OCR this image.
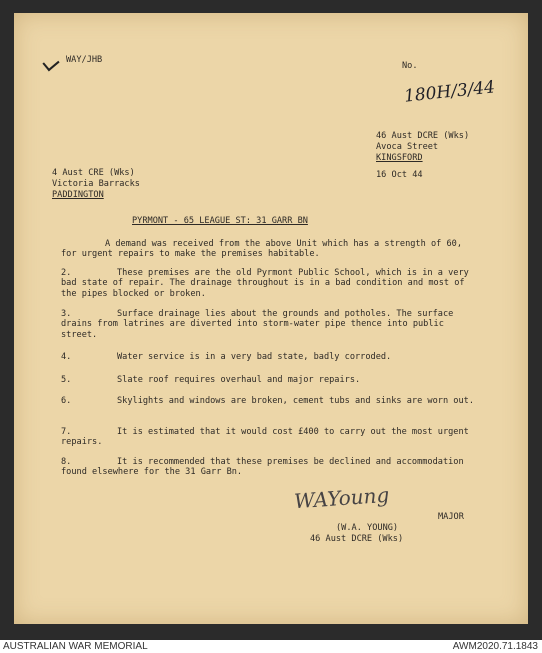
WAY/JHB
No.
180H/3/44
46 Aust DCRE (Wks)
Avoca Street
KINGSFORD
16 Oct 44
4 Aust CRE (Wks)
Victoria Barracks
PADDINGTON
PYRMONT - 65 LEAGUE ST: 31 GARR BN
A demand was received from the above Unit which has a strength of 60, for urgent repairs to make the premises habitable.
2.	These premises are the old Pyrmont Public School, which is in a very bad state of repair. The drainage throughout is in a bad condition and most of the pipes blocked or broken.
3.	Surface drainage lies about the grounds and potholes. The surface drains from latrines are diverted into storm-water pipe thence into public street.
4.	Water service is in a very bad state, badly corroded.
5.	Slate roof requires overhaul and major repairs.
6.	Skylights and windows are broken, cement tubs and sinks are worn out.
7.	It is estimated that it would cost £400 to carry out the most urgent repairs.
8.	It is recommended that these premises be declined and accommodation found elsewhere for the 31 Garr Bn.
WAYoung
MAJOR
(W.A. YOUNG)
46 Aust DCRE (Wks)
AUSTRALIAN WAR MEMORIAL	AWM2020.71.1843
